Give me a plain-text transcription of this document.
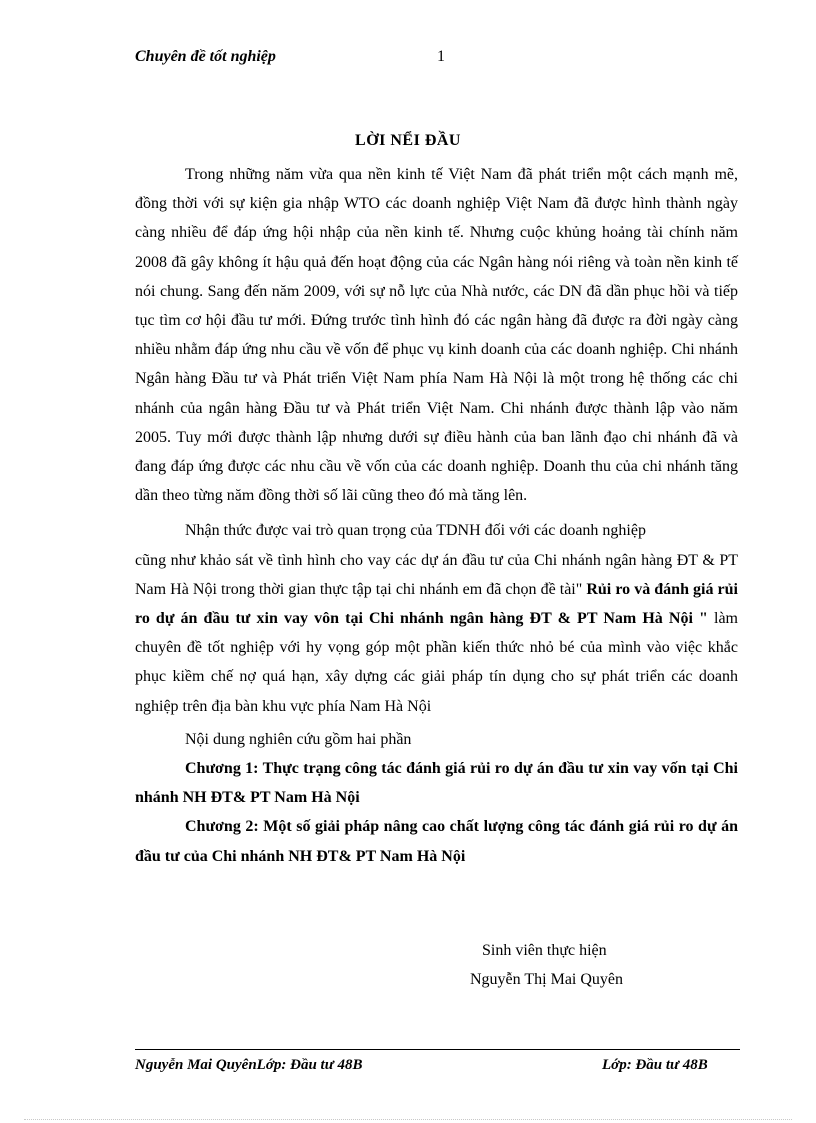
Chuyên đề tốt nghiệp	1
LỜI NỂI ĐẦU

Trong những năm vừa qua nền kinh tế Việt Nam đã phát triển một cách mạnh mẽ, đồng thời với sự kiện gia nhập WTO các doanh nghiệp Việt Nam đã được hình thành ngày càng nhiều để đáp ứng hội nhập của nền kinh tế. Nhưng cuộc khủng hoảng tài chính năm 2008 đã gây không ít hậu quả đến hoạt động của các Ngân hàng nói riêng và toàn nền kinh tế nói chung. Sang đến năm 2009, với sự nỗ lực của Nhà nước, các DN đã dần phục hồi và tiếp tục tìm cơ hội đầu tư mới. Đứng trước tình hình đó các ngân hàng đã được ra đời ngày càng nhiều nhằm đáp ứng nhu cầu về vốn để phục vụ kinh doanh của các doanh nghiệp. Chi nhánh Ngân hàng Đầu tư và Phát triển Việt Nam phía Nam Hà Nội là một trong hệ thống các chi nhánh của ngân hàng Đầu tư và Phát triển Việt Nam. Chi nhánh được thành lập vào năm 2005. Tuy mới được thành lập nhưng dưới sự điều hành của ban lãnh đạo chi nhánh đã và đang đáp ứng được các nhu cầu về vốn của các doanh nghiệp. Doanh thu của chi nhánh tăng dần theo từng năm đồng thời số lãi cũng theo đó mà tăng lên.

Nhận thức được vai trò quan trọng của TDNH đối với các doanh nghiệp

cũng như khảo sát về tình hình cho vay các dự án đầu tư của Chi nhánh ngân hàng ĐT & PT Nam Hà Nội trong thời gian thực tập tại chi nhánh em đã chọn đề tài" Rủi ro và đánh giá rủi ro dự án đầu tư xin vay vôn tại Chi nhánh ngân hàng ĐT & PT Nam Hà Nội " làm chuyên đề tốt nghiệp với hy vọng góp một phần kiến thức nhỏ bé của mình vào việc khắc phục kiềm chế nợ quá hạn, xây dựng các giải pháp tín dụng cho sự phát triển các doanh nghiệp trên địa bàn khu vực phía Nam Hà Nội

Nội dung nghiên cứu gồm hai phần

Chương 1: Thực trạng công tác đánh giá rủi ro dự án đầu tư xin vay vốn tại Chi nhánh NH ĐT& PT Nam Hà Nội

Chương 2: Một số giải pháp nâng cao chất lượng công tác đánh giá rủi ro dự án đầu tư của Chi nhánh NH ĐT& PT Nam Hà Nội

Sinh viên thực hiện
Nguyễn Thị Mai Quyên
Nguyễn Mai QuyênLớp: Đầu tư 48B	Lớp: Đầu tư 48B
